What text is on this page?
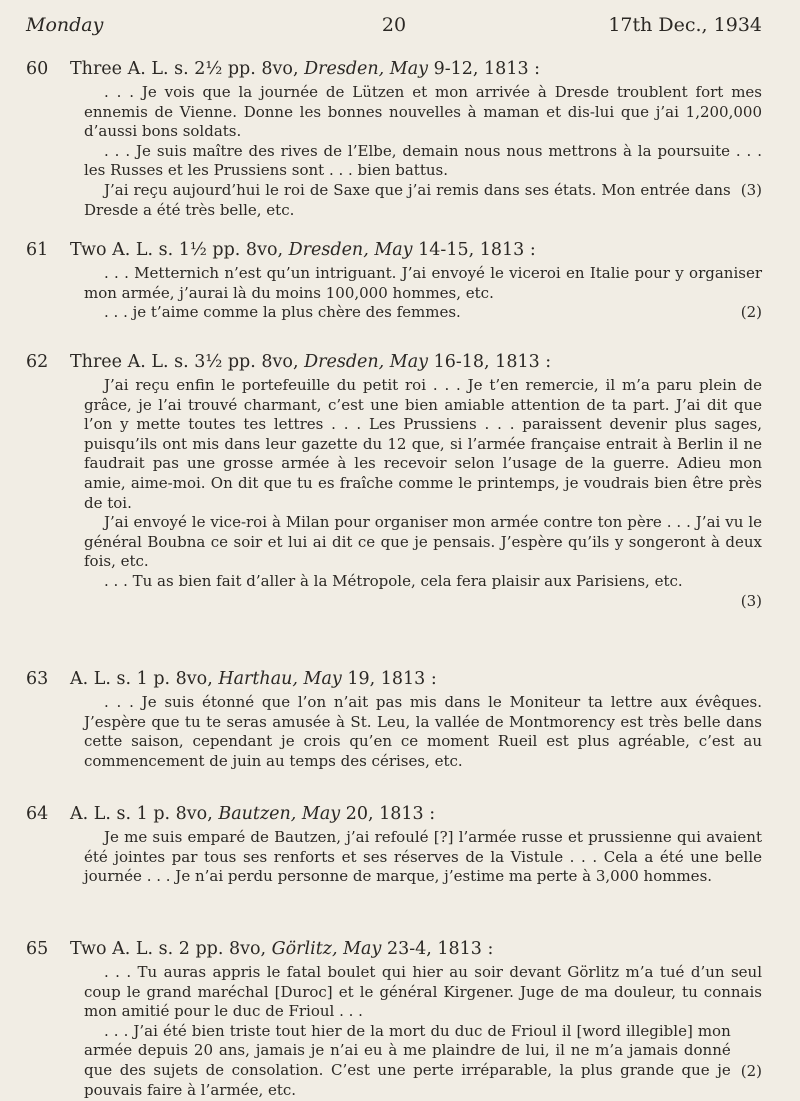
Monday	20	17th Dec., 1934
60	Three A. L. s. 2½ pp. 8vo, Dresden, May 9-12, 1813 :

. . . Je vois que la journée de Lützen et mon arrivée à Dresde troublent fort mes ennemis de Vienne. Donne les bonnes nouvelles à maman et dis-lui que j’ai 1,200,000 d’aussi bons soldats.

. . . Je suis maître des rives de l’Elbe, demain nous nous mettrons à la poursuite . . . les Russes et les Prussiens sont . . . bien battus.

(3)
J’ai reçu aujourd’hui le roi de Saxe que j’ai remis dans ses états. Mon entrée dans Dresde a été très belle, etc.

61	Two A. L. s. 1½ pp. 8vo, Dresden, May 14-15, 1813 :

. . . Metternich n’est qu’un intriguant. J’ai envoyé le viceroi en Italie pour y organiser mon armée, j’aurai là du moins 100,000 hommes, etc.

(2)
. . . je t’aime comme la plus chère des femmes.

62	Three A. L. s. 3½ pp. 8vo, Dresden, May 16-18, 1813 :

J’ai reçu enfin le portefeuille du petit roi . . . Je t’en remercie, il m’a paru plein de grâce, je l’ai trouvé charmant, c’est une bien amiable attention de ta part. J’ai dit que l’on y mette toutes tes lettres . . . Les Prussiens . . . paraissent devenir plus sages, puisqu’ils ont mis dans leur gazette du 12 que, si l’armée française entrait à Berlin il ne faudrait pas une grosse armée à les recevoir selon l’usage de la guerre. Adieu mon amie, aime-moi. On dit que tu es fraîche comme le printemps, je voudrais bien être près de toi.

J’ai envoyé le vice-roi à Milan pour organiser mon armée contre ton père . . . J’ai vu le général Boubna ce soir et lui ai dit ce que je pensais. J’espère qu’ils y songeront à deux fois, etc.

. . . Tu as bien fait d’aller à la Métropole, cela fera plaisir aux Parisiens, etc.

(3)

63	A. L. s. 1 p. 8vo, Harthau, May 19, 1813 :

. . . Je suis étonné que l’on n’ait pas mis dans le Moniteur ta lettre aux évêques. J’espère que tu te seras amusée à St. Leu, la vallée de Montmorency est très belle dans cette saison, cependant je crois qu’en ce moment Rueil est plus agréable, c’est au commencement de juin au temps des cérises, etc.

64	A. L. s. 1 p. 8vo, Bautzen, May 20, 1813 :

Je me suis emparé de Bautzen, j’ai refoulé [?] l’armée russe et prussienne qui avaient été jointes par tous ses renforts et ses réserves de la Vistule . . . Cela a été une belle journée . . . Je n’ai perdu personne de marque, j’estime ma perte à 3,000 hommes.

65	Two A. L. s. 2 pp. 8vo, Görlitz, May 23-4, 1813 :

. . . Tu auras appris le fatal boulet qui hier au soir devant Görlitz m’a tué d’un seul coup le grand maréchal [Duroc] et le général Kirgener. Juge de ma douleur, tu connais mon amitié pour le duc de Frioul . . .

(2)
. . . J’ai été bien triste tout hier de la mort du duc de Frioul il [word illegible] mon armée depuis 20 ans, jamais je n’ai eu à me plaindre de lui, il ne m’a jamais donné que des sujets de consolation. C’est une perte irréparable, la plus grande que je pouvais faire à l’armée, etc.
